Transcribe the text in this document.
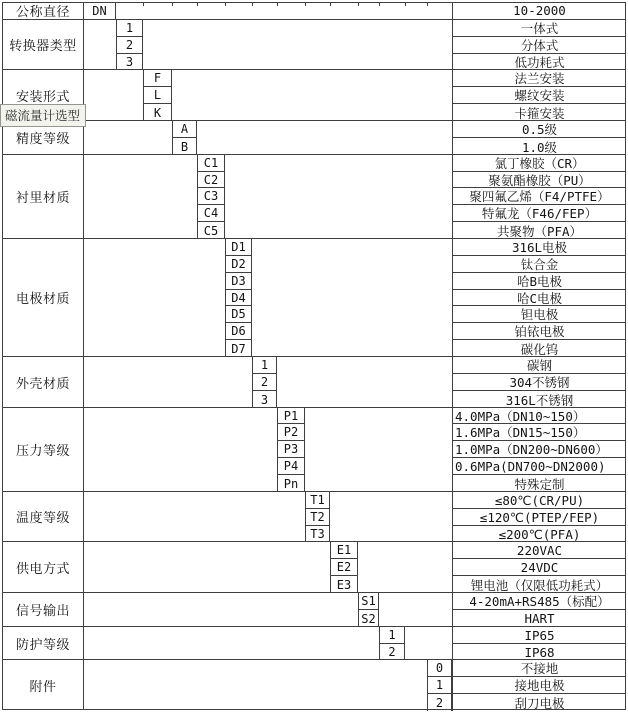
公称直径	DN	10-2000
转换器类型
1	一体式
2	分体式
3	低功耗式
安装形式
F	法兰安装
L	螺纹安装
K	卡箍安装
精度等级
A	0.5级
B	1.0级
衬里材质
C1	氯丁橡胶（CR）
C2	聚氨酯橡胶（PU）
C3	聚四氟乙烯（F4/PTFE）
C4	特氟龙（F46/FEP）
C5	共聚物（PFA）
电极材质
D1	316L电极
D2	钛合金
D3	哈B电极
D4	哈C电极
D5	钽电极
D6	铂铱电极
D7	碳化钨
外壳材质
1	碳钢
2	304不锈钢
3	316L不锈钢
压力等级
P1	4.0MPa（DN10~150）
P2	1.6MPa（DN15~150）
P3	1.0MPa（DN200~DN600）
P4	0.6MPa(DN700~DN2000)
Pn	特殊定制
温度等级
T1	≤80℃(CR/PU)
T2	≤120℃(PTEP/FEP)
T3	≤200℃(PFA)
供电方式
E1	220VAC
E2	24VDC
E3	锂电池（仅限低功耗式）
信号输出
S1	4-20mA+RS485（标配）
S2	HART
防护等级
1	IP65
2	IP68
附件
0	不接地
1	接地电极
2	刮刀电极
磁流量计选型
